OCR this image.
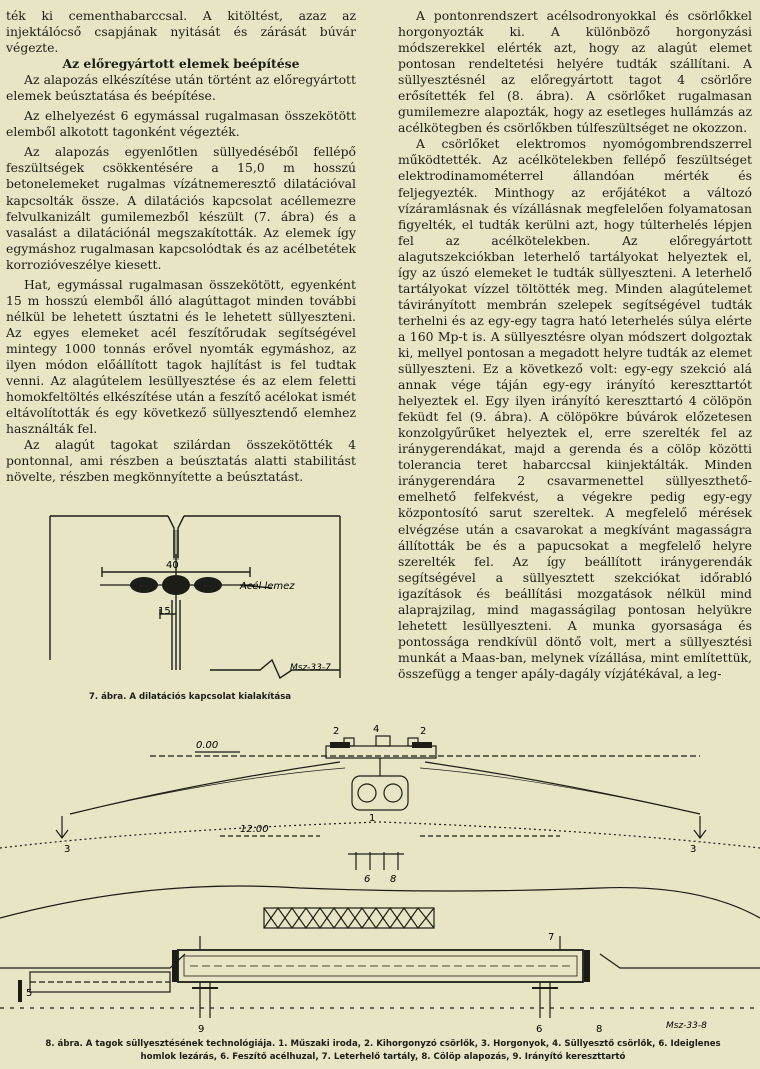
ték ki cementhabarccsal. A kitöltést, azaz az injektálócső csapjának nyitását és zárását búvár végezte.

Az előregyártott elemek beépítése

Az alapozás elkészítése után történt az előregyártott elemek beúsztatása és beépítése.

Az elhelyezést 6 egymással rugalmasan összekötött elemből alkotott tagonként végezték.

Az alapozás egyenlőtlen süllyedéséből fellépő feszültségek csökkentésére a 15,0 m hosszú betonelemeket rugalmas vízátnemeresztő dilatációval kapcsolták össze. A dilatációs kapcsolat acéllemezre felvulkanizált gumilemezből készült (7. ábra) és a vasalást a dilatációnál megszakították. Az elemek így egymáshoz rugalmasan kapcsolódtak és az acélbetétek korrozióveszélye kiesett.

Hat, egymással rugalmasan összekötött, egyenként 15 m hosszú elemből álló alagúttagot minden további nélkül be lehetett úsztatni és le lehetett süllyeszteni. Az egyes elemeket acél feszítőrudak segítségével mintegy 1000 tonnás erővel nyomták egymáshoz, az ilyen módon előállított tagok hajlítást is fel tudtak venni. Az alagútelem lesüllyesztése és az elem feletti homokfeltöltés elkészítése után a feszítő acélokat ismét eltávolították és egy következő süllyesztendő elemhez használták fel.

Az alagút tagokat szilárdan összekötötték 4 pontonnal, ami részben a beúsztatás alatti stabilitást növelte, részben megkönnyítette a beúsztatást.

A pontonrendszert acélsodronyokkal és csörlőkkel horgonyozták ki. A különböző horgonyzási módszerekkel elérték azt, hogy az alagút elemet pontosan rendeltetési helyére tudták szállítani. A süllyesztésnél az előregyártott tagot 4 csörlőre erősítették fel (8. ábra). A csörlőket rugalmasan gumilemezre alapozták, hogy az esetleges hullámzás az acélkötegben és csörlőkben túlfeszültséget ne okozzon.

A csörlőket elektromos nyomógombrendszerrel működtették. Az acélkötelekben fellépő feszültséget elektrodinamométerrel állandóan mérték és feljegyezték. Minthogy az erőjátékot a változó vízáramlásnak és vízállásnak megfelelően folyamatosan figyelték, el tudták kerülni azt, hogy túlterhelés lépjen fel az acélkötelekben. Az előregyártott alagutszekciókban leterhelő tartályokat helyeztek el, így az úszó elemeket le tudták süllyeszteni. A leterhelő tartályokat vízzel töltötték meg. Minden alagútelemet távirányított membrán szelepek segítségével tudták terhelni és az egy-egy tagra ható leterhelés súlya elérte a 160 Mp-t is. A süllyesztésre olyan módszert dolgoztak ki, mellyel pontosan a megadott helyre tudták az elemet süllyeszteni. Ez a következő volt: egy-egy szekció alá annak vége táján egy-egy irányító kereszttartót helyeztek el. Egy ilyen irányító kereszttartó 4 cölöpön feküdt fel (9. ábra). A cölöpökre búvárok előzetesen konzolgyűrűket helyeztek el, erre szerelték fel az iránygerendákat, majd a gerenda és a cölöp közötti tolerancia teret habarccsal kiinjektálták. Minden iránygerendára 2 csavarmenettel süllyeszthető-emelhető felfekvést, a végekre pedig egy-egy központosító sarut szereltek. A megfelelő mérések elvégzése után a csavarokat a megkívánt magasságra állították be és a papucsokat a megfelelő helyre szerelték fel. Az így beállított iránygerendák segítségével a süllyesztett szekciókat időrabló igazítások és beállítási mozgatások nélkül mind alaprajzilag, mind magasságilag pontosan helyükre lehetett lesüllyeszteni. A munka gyorsasága és pontossága rendkívül döntő volt, mert a süllyesztési munkát a Maas-ban, melynek vízállása, mint említettük, összefügg a tenger apály-dagály vízjátékával, a leg-

40
15
Acél lemez
Msz-33-7
7. ábra. A dilatációs kapcsolat kialakítása
2	4	2
0.00
1
3	3
12.00
6 8
5
9	6	8
7
Msz-33-8
8. ábra. A tagok süllyesztésének technológiája. 1. Műszaki iroda, 2. Kihorgonyzó csörlők, 3. Horgonyok, 4. Süllyesztő csörlők, 6. Ideiglenes
homlok lezárás, 6. Feszítő acélhuzal, 7. Leterhelő tartály, 8. Cölöp alapozás, 9. Irányító kereszttartó
